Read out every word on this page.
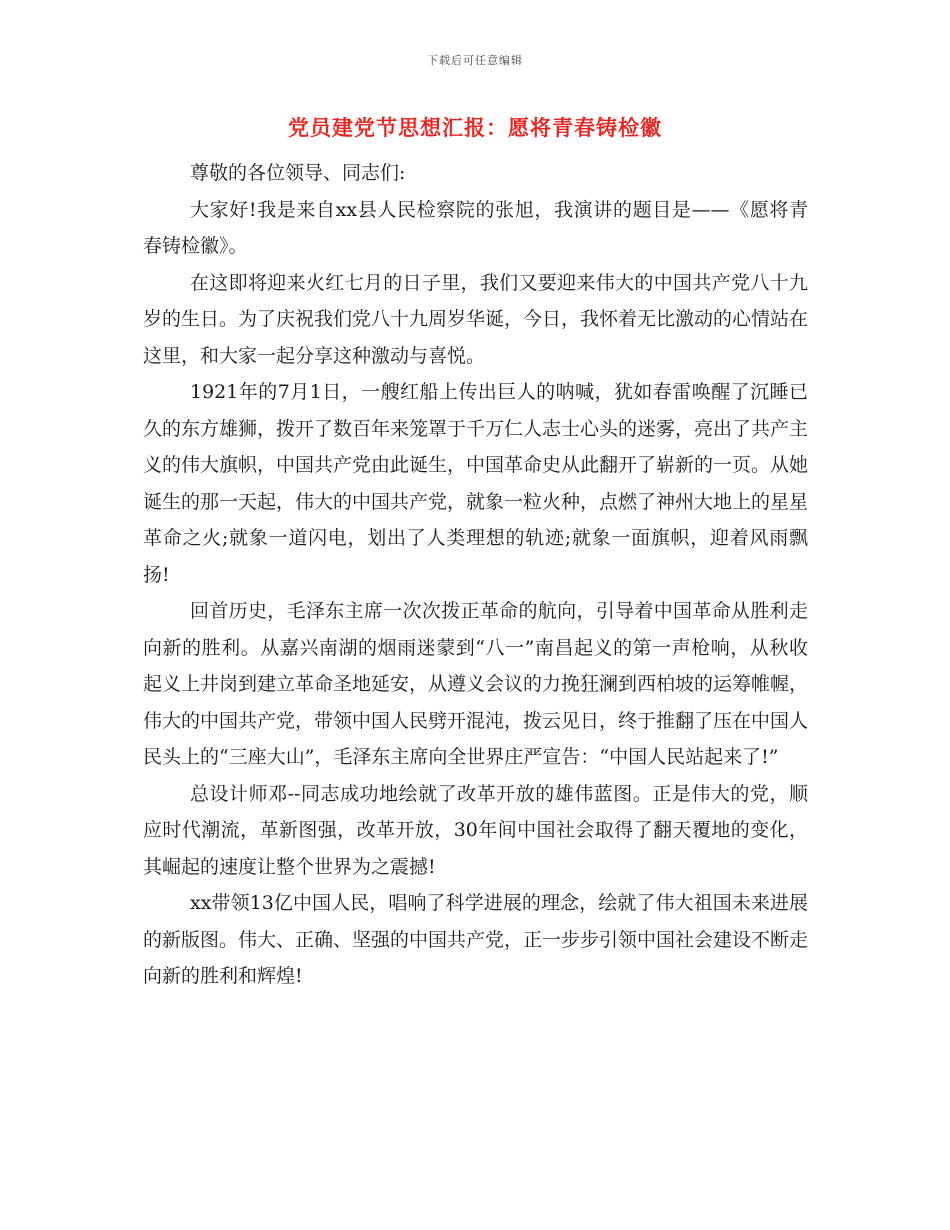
下载后可任意编辑
党员建党节思想汇报：愿将青春铸检徽

尊敬的各位领导、同志们:

大家好!我是来自xx县人民检察院的张旭，我演讲的题目是——《愿将青春铸检徽》。

在这即将迎来火红七月的日子里，我们又要迎来伟大的中国共产党八十九岁的生日。为了庆祝我们党八十九周岁华诞，今日，我怀着无比激动的心情站在这里，和大家一起分享这种激动与喜悦。

1921年的7月1日，一艘红船上传出巨人的呐喊，犹如春雷唤醒了沉睡已久的东方雄狮，拨开了数百年来笼罩于千万仁人志士心头的迷雾，亮出了共产主义的伟大旗帜，中国共产党由此诞生，中国革命史从此翻开了崭新的一页。从她诞生的那一天起，伟大的中国共产党，就象一粒火种，点燃了神州大地上的星星革命之火;就象一道闪电，划出了人类理想的轨迹;就象一面旗帜，迎着风雨飘扬!

回首历史，毛泽东主席一次次拨正革命的航向，引导着中国革命从胜利走向新的胜利。从嘉兴南湖的烟雨迷蒙到“八一”南昌起义的第一声枪响，从秋收起义上井岗到建立革命圣地延安，从遵义会议的力挽狂澜到西柏坡的运筹帷幄，伟大的中国共产党，带领中国人民劈开混沌，拨云见日，终于推翻了压在中国人民头上的“三座大山”，毛泽东主席向全世界庄严宣告：“中国人民站起来了!”

总设计师邓--同志成功地绘就了改革开放的雄伟蓝图。正是伟大的党，顺应时代潮流，革新图强，改革开放，30年间中国社会取得了翻天覆地的变化，其崛起的速度让整个世界为之震撼!

xx带领13亿中国人民，唱响了科学进展的理念，绘就了伟大祖国未来进展的新版图。伟大、正确、坚强的中国共产党，正一步步引领中国社会建设不断走向新的胜利和辉煌!
